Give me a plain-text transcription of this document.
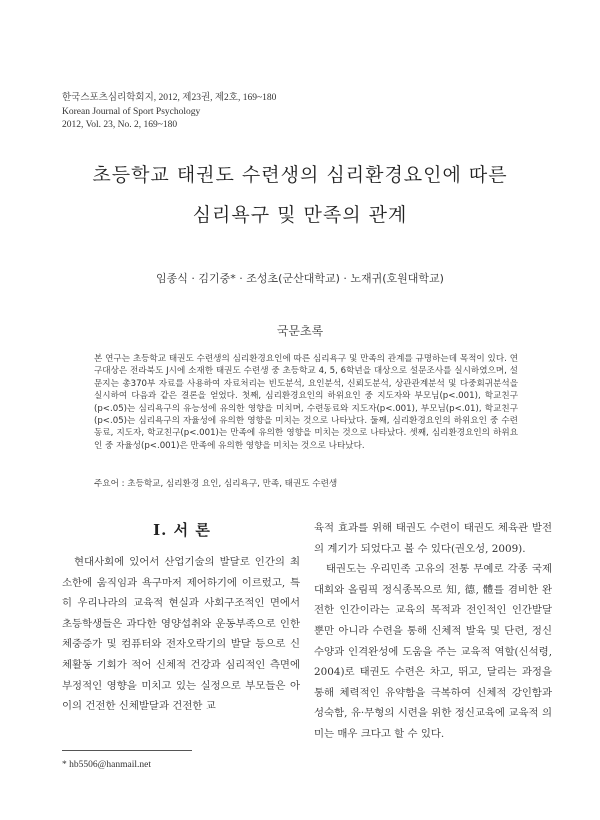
한국스포츠심리학회지, 2012, 제23권, 제2호, 169~180
Korean Journal of Sport Psychology
2012, Vol. 23, No. 2, 169~180
초등학교 태권도 수련생의 심리환경요인에 따른
심리욕구 및 만족의 관계
임종식 · 김기중* · 조성초(군산대학교) · 노재귀(호원대학교)
국문초록
본 연구는 초등학교 태권도 수련생의 심리환경요인에 따른 심리욕구 및 만족의 관계를 규명하는데 목적이 있다. 연구대상은 전라북도 J시에 소재한 태권도 수련생 중 초등학교 4, 5, 6학년을 대상으로 설문조사를 실시하였으며, 설문지는 총370부 자료를 사용하여 자료처리는 빈도분석, 요인분석, 신뢰도분석, 상관관계분석 및 다중회귀분석을 실시하여 다음과 같은 결론을 얻었다. 첫째, 심리환경요인의 하위요인 중 지도자와 부모님(p<.001), 학교친구(p<.05)는 심리욕구의 유능성에 유의한 영향을 미치며, 수련동료와 지도자(p<.001), 부모님(p<.01), 학교친구(p<.05)는 심리욕구의 자율성에 유의한 영향을 미치는 것으로 나타났다. 둘째, 심리환경요인의 하위요인 중 수련동료, 지도자, 학교친구(p<.001)는 만족에 유의한 영향을 미치는 것으로 나타났다. 셋째, 심리환경요인의 하위요인 중 자율성(p<.001)은 만족에 유의한 영향을 미치는 것으로 나타났다.
주요어 : 초등학교, 심리환경 요인, 심리욕구, 만족, 태권도 수련생
I. 서 론

현대사회에 있어서 산업기술의 발달로 인간의 최소한에 움직임과 욕구마저 제어하기에 이르렀고, 특히 우리나라의 교육적 현실과 사회구조적인 면에서 초등학생들은 과다한 영양섭취와 운동부족으로 인한 체중증가 및 컴퓨터와 전자오락기의 발달 등으로 신체활동 기회가 적어 신체적 건강과 심리적인 측면에 부정적인 영향을 미치고 있는 실정으로 부모들은 아이의 건전한 신체발달과 건전한 교

육적 효과를 위해 태권도 수련이 태권도 체육관 발전의 계기가 되었다고 볼 수 있다(권오성, 2009).

태권도는 우리민족 고유의 전통 무예로 각종 국제대회와 올림픽 정식종목으로 知, 德, 體를 겸비한 완전한 인간이라는 교육의 목적과 전인적인 인간발달 뿐만 아니라 수련을 통해 신체적 발육 및 단련, 정신수양과 인격완성에 도움을 주는 교육적 역할(신석령, 2004)로 태권도 수련은 차고, 뛰고, 달리는 과정을 통해 체력적인 유약함을 극복하여 신체적 강인함과 성숙함, 유·무형의 시련을 위한 정신교육에 교육적 의미는 매우 크다고 할 수 있다.

* hb5506@hanmail.net
